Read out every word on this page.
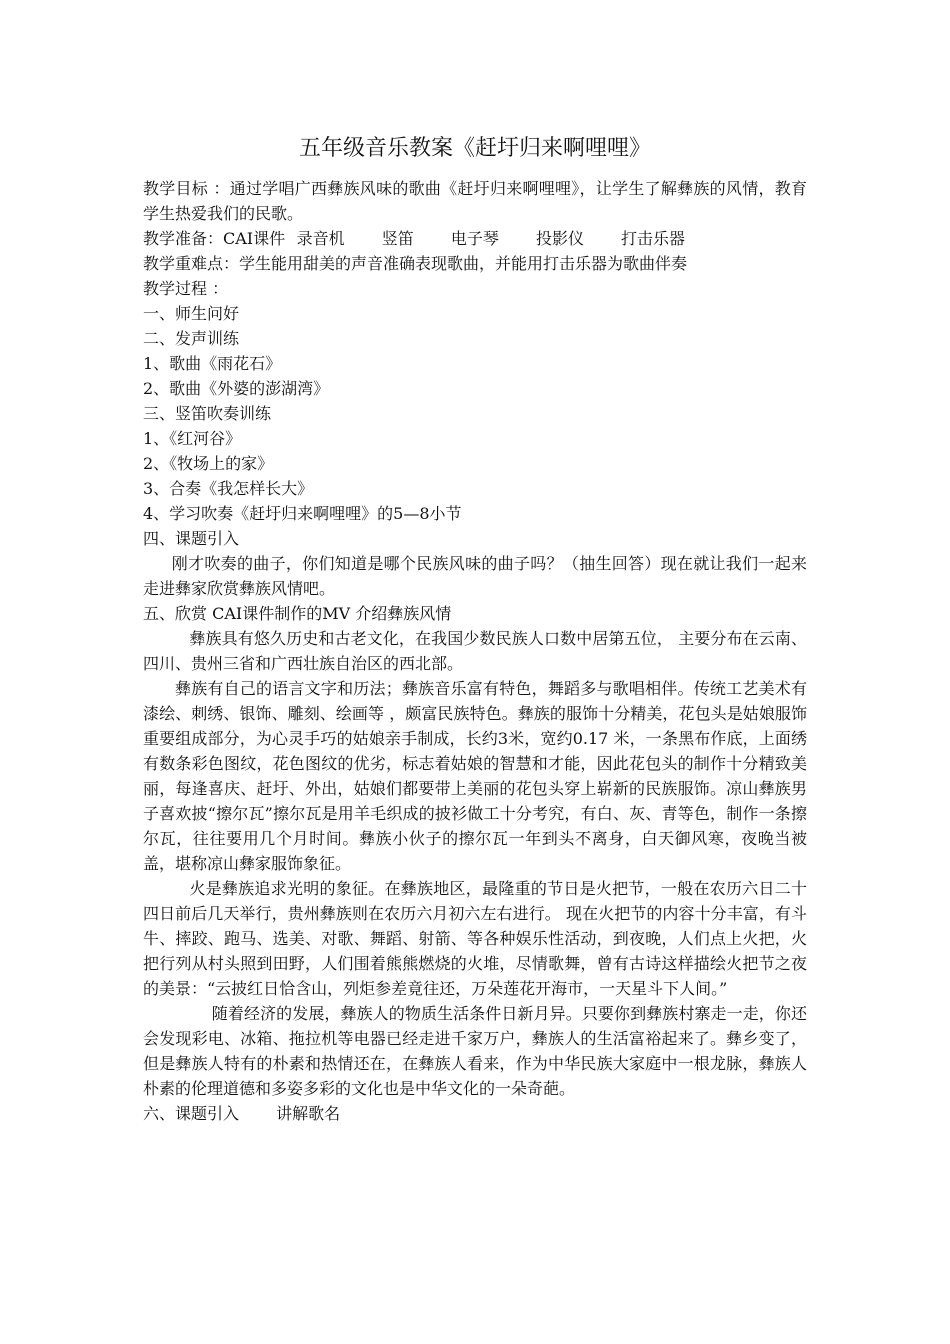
五年级音乐教案《赶圩归来啊哩哩》
教学目标 ：通过学唱广西彝族风味的歌曲《赶圩归来啊哩哩》，让学生了解彝族的风情，教育学生热爱我们的民歌。
教学准备：CAI课件 录音机 竖笛 电子琴 投影仪 打击乐器
教学重难点：学生能用甜美的声音准确表现歌曲，并能用打击乐器为歌曲伴奏
教学过程 ：
一、师生问好
二、发声训练
1、歌曲《雨花石》
2、歌曲《外婆的澎湖湾》
三、竖笛吹奏训练
1、《红河谷》
2、《牧场上的家》
3、合奏《我怎样长大》
4、学习吹奏《赶圩归来啊哩哩》的5—8小节
四、课题引入
刚才吹奏的曲子，你们知道是哪个民族风味的曲子吗？（抽生回答）现在就让我们一起来走进彝家欣赏彝族风情吧。
五、欣赏 CAI课件制作的MV 介绍彝族风情
彝族具有悠久历史和古老文化，在我国少数民族人口数中居第五位， 主要分布在云南、四川、贵州三省和广西壮族自治区的西北部。
彝族有自己的语言文字和历法；彝族音乐富有特色，舞蹈多与歌唱相伴。传统工艺美术有漆绘、刺绣、银饰、雕刻、绘画等 ，颇富民族特色。彝族的服饰十分精美，花包头是姑娘服饰重要组成部分，为心灵手巧的姑娘亲手制成，长约3米，宽约0.17 米，一条黑布作底，上面绣有数条彩色图纹，花色图纹的优劣，标志着姑娘的智慧和才能，因此花包头的制作十分精致美丽，每逢喜庆、赶圩、外出，姑娘们都要带上美丽的花包头穿上崭新的民族服饰。凉山彝族男子喜欢披“擦尔瓦”擦尔瓦是用羊毛织成的披衫做工十分考究，有白、灰、青等色，制作一条擦尔瓦，往往要用几个月时间。彝族小伙子的擦尔瓦一年到头不离身，白天御风寒，夜晚当被盖，堪称凉山彝家服饰象征。
火是彝族追求光明的象征。在彝族地区，最隆重的节日是火把节，一般在农历六日二十四日前后几天举行，贵州彝族则在农历六月初六左右进行。 现在火把节的内容十分丰富，有斗牛、摔跤、跑马、选美、对歌、舞蹈、射箭、等各种娱乐性活动，到夜晚，人们点上火把，火把行列从村头照到田野，人们围着熊熊燃烧的火堆，尽情歌舞，曾有古诗这样描绘火把节之夜的美景：“云披红日恰含山，列炬参差竟往还，万朵莲花开海市，一天星斗下人间。”
随着经济的发展，彝族人的物质生活条件日新月异。只要你到彝族村寨走一走，你还会发现彩电、冰箱、拖拉机等电器已经走进千家万户，彝族人的生活富裕起来了。彝乡变了，但是彝族人特有的朴素和热情还在，在彝族人看来，作为中华民族大家庭中一根龙脉，彝族人朴素的伦理道德和多姿多彩的文化也是中华文化的一朵奇葩。
六、课题引入 讲解歌名
